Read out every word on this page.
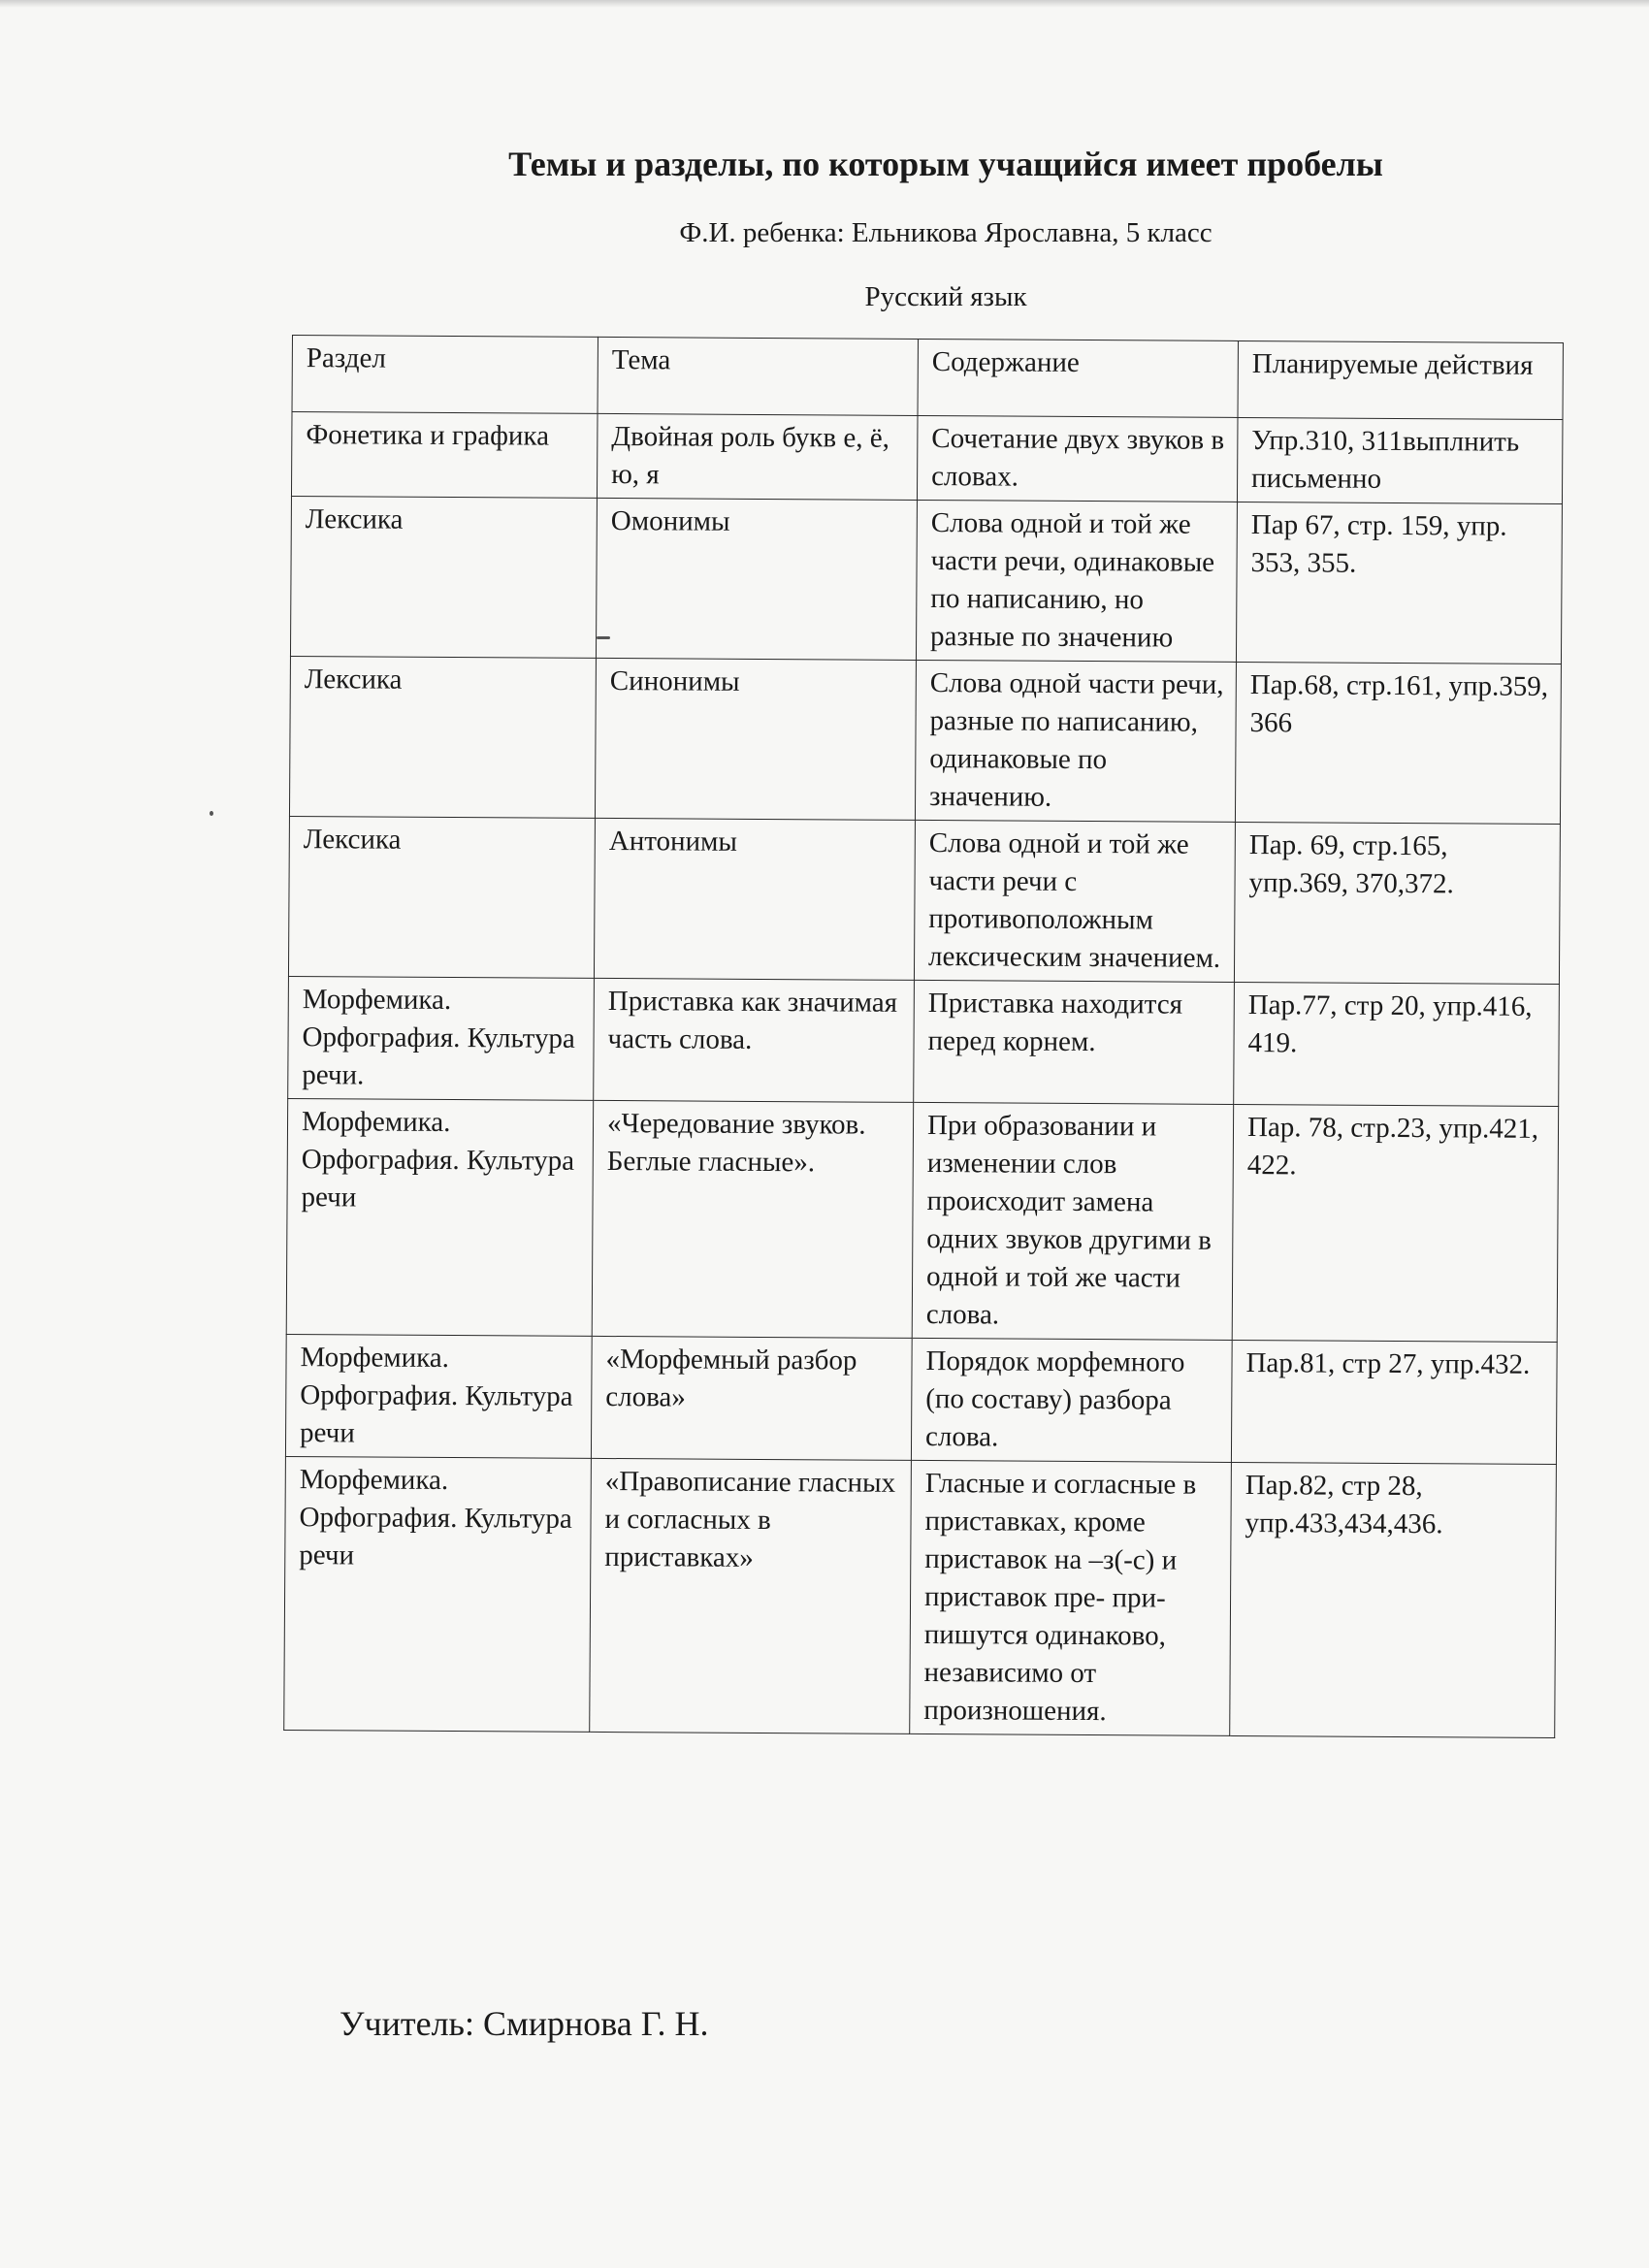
Темы и разделы, по которым учащийся имеет пробелы

Ф.И. ребенка: Ельникова Ярославна, 5 класс

Русский язык

Раздел	Тема	Содержание	Планируемые действия
Фонетика и графика	Двойная роль букв е, ё, ю, я	Сочетание двух звуков в словах.	Упр.310, 311выплнить письменно
Лексика	Омонимы	Слова одной и той же части речи, одинаковые по написанию, но разные по значению	Пар 67, стр. 159, упр. 353, 355.
Лексика	Синонимы	Слова одной части речи, разные по написанию, одинаковые по значению.	Пар.68, стр.161, упр.359, 366
Лексика	Антонимы	Слова одной и той же части речи с противоположным лексическим значением.	Пар. 69, стр.165, упр.369, 370,372.
Морфемика. Орфография. Культура речи.	Приставка как значимая часть слова.	Приставка находится перед корнем.	Пар.77, стр 20, упр.416, 419.
Морфемика. Орфография. Культура речи	«Чередование звуков. Беглые гласные».	При образовании и изменении слов происходит замена одних звуков другими в одной и той же части слова.	Пар. 78, стр.23, упр.421, 422.
Морфемика. Орфография. Культура речи	«Морфемный разбор слова»	Порядок морфемного (по составу) разбора слова.	Пар.81, стр 27, упр.432.
Морфемика. Орфография. Культура речи	«Правописание гласных и согласных в приставках»	Гласные и согласные в приставках, кроме приставок на –з(-с) и приставок пре- при- пишутся одинаково, независимо от произношения.	Пар.82, стр 28, упр.433,434,436.

Учитель: Смирнова Г. Н.
